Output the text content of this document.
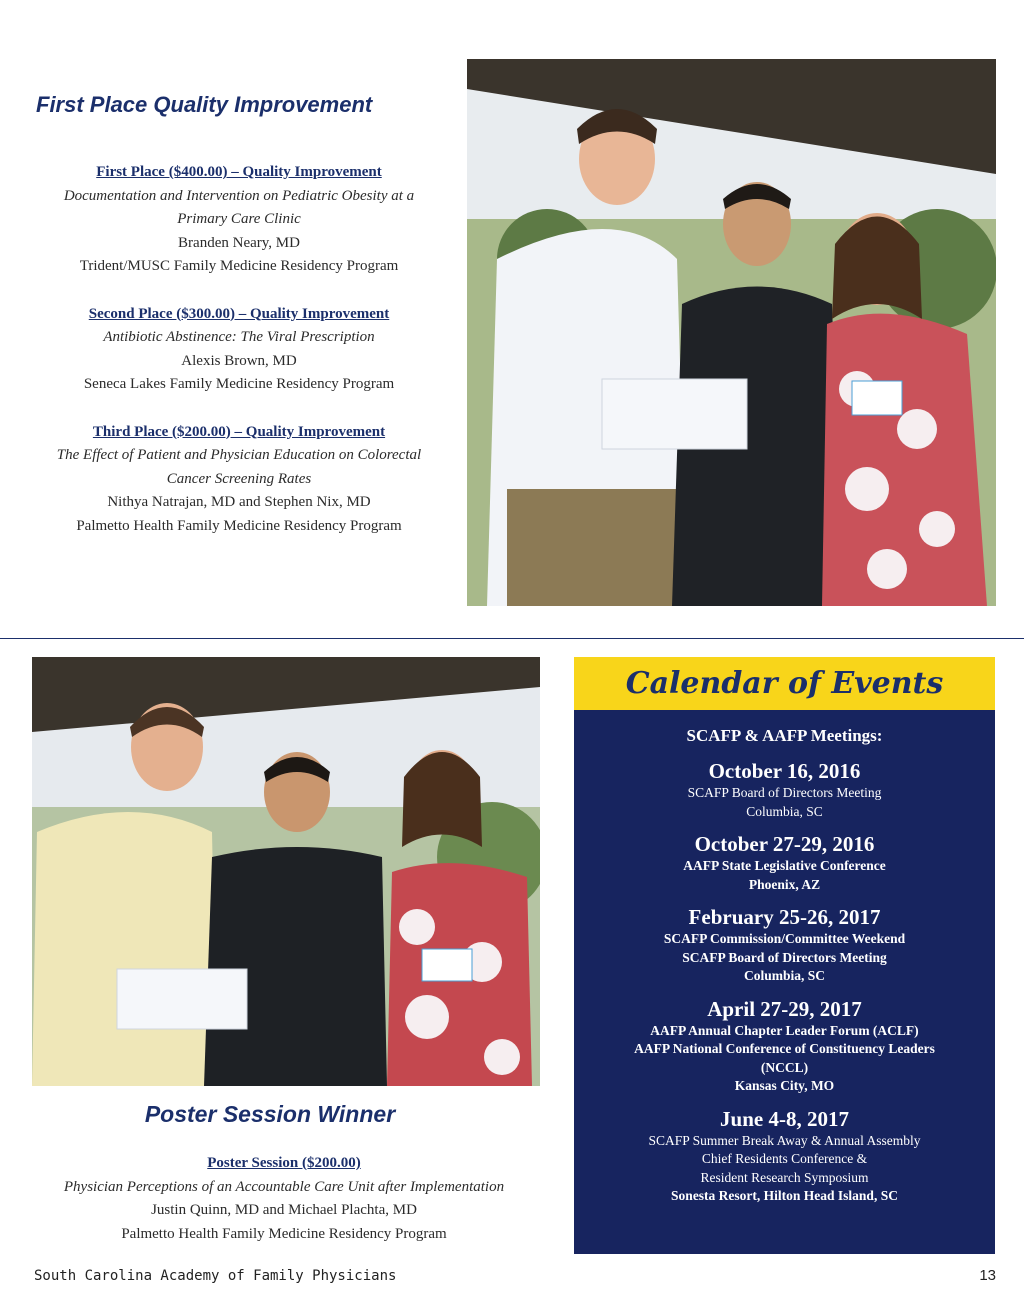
First Place Quality Improvement
First Place ($400.00) – Quality Improvement
Documentation and Intervention on Pediatric Obesity at a Primary Care Clinic
Branden Neary, MD
Trident/MUSC Family Medicine Residency Program
Second Place ($300.00) – Quality Improvement
Antibiotic Abstinence: The Viral Prescription
Alexis Brown, MD
Seneca Lakes Family Medicine Residency Program
Third Place ($200.00) – Quality Improvement
The Effect of Patient and Physician Education on Colorectal Cancer Screening Rates
Nithya Natrajan, MD and Stephen Nix, MD
Palmetto Health Family Medicine Residency Program
Poster Session Winner
Poster Session ($200.00)
Physician Perceptions of an Accountable Care Unit after Implementation
Justin Quinn, MD and Michael Plachta, MD
Palmetto Health Family Medicine Residency Program
Calendar of Events
SCAFP & AAFP Meetings:
October 16, 2016
SCAFP Board of Directors Meeting
Columbia, SC
October 27-29, 2016
AAFP State Legislative Conference
Phoenix, AZ
February 25-26, 2017
SCAFP Commission/Committee Weekend
SCAFP Board of Directors Meeting
Columbia, SC
April 27-29, 2017
AAFP Annual Chapter Leader Forum (ACLF)
AAFP National Conference of Constituency Leaders
(NCCL)
Kansas City, MO
June 4-8, 2017
SCAFP Summer Break Away & Annual Assembly
Chief Residents Conference &
Resident Research Symposium
Sonesta Resort, Hilton Head Island, SC
South Carolina Academy of Family Physicians	13
